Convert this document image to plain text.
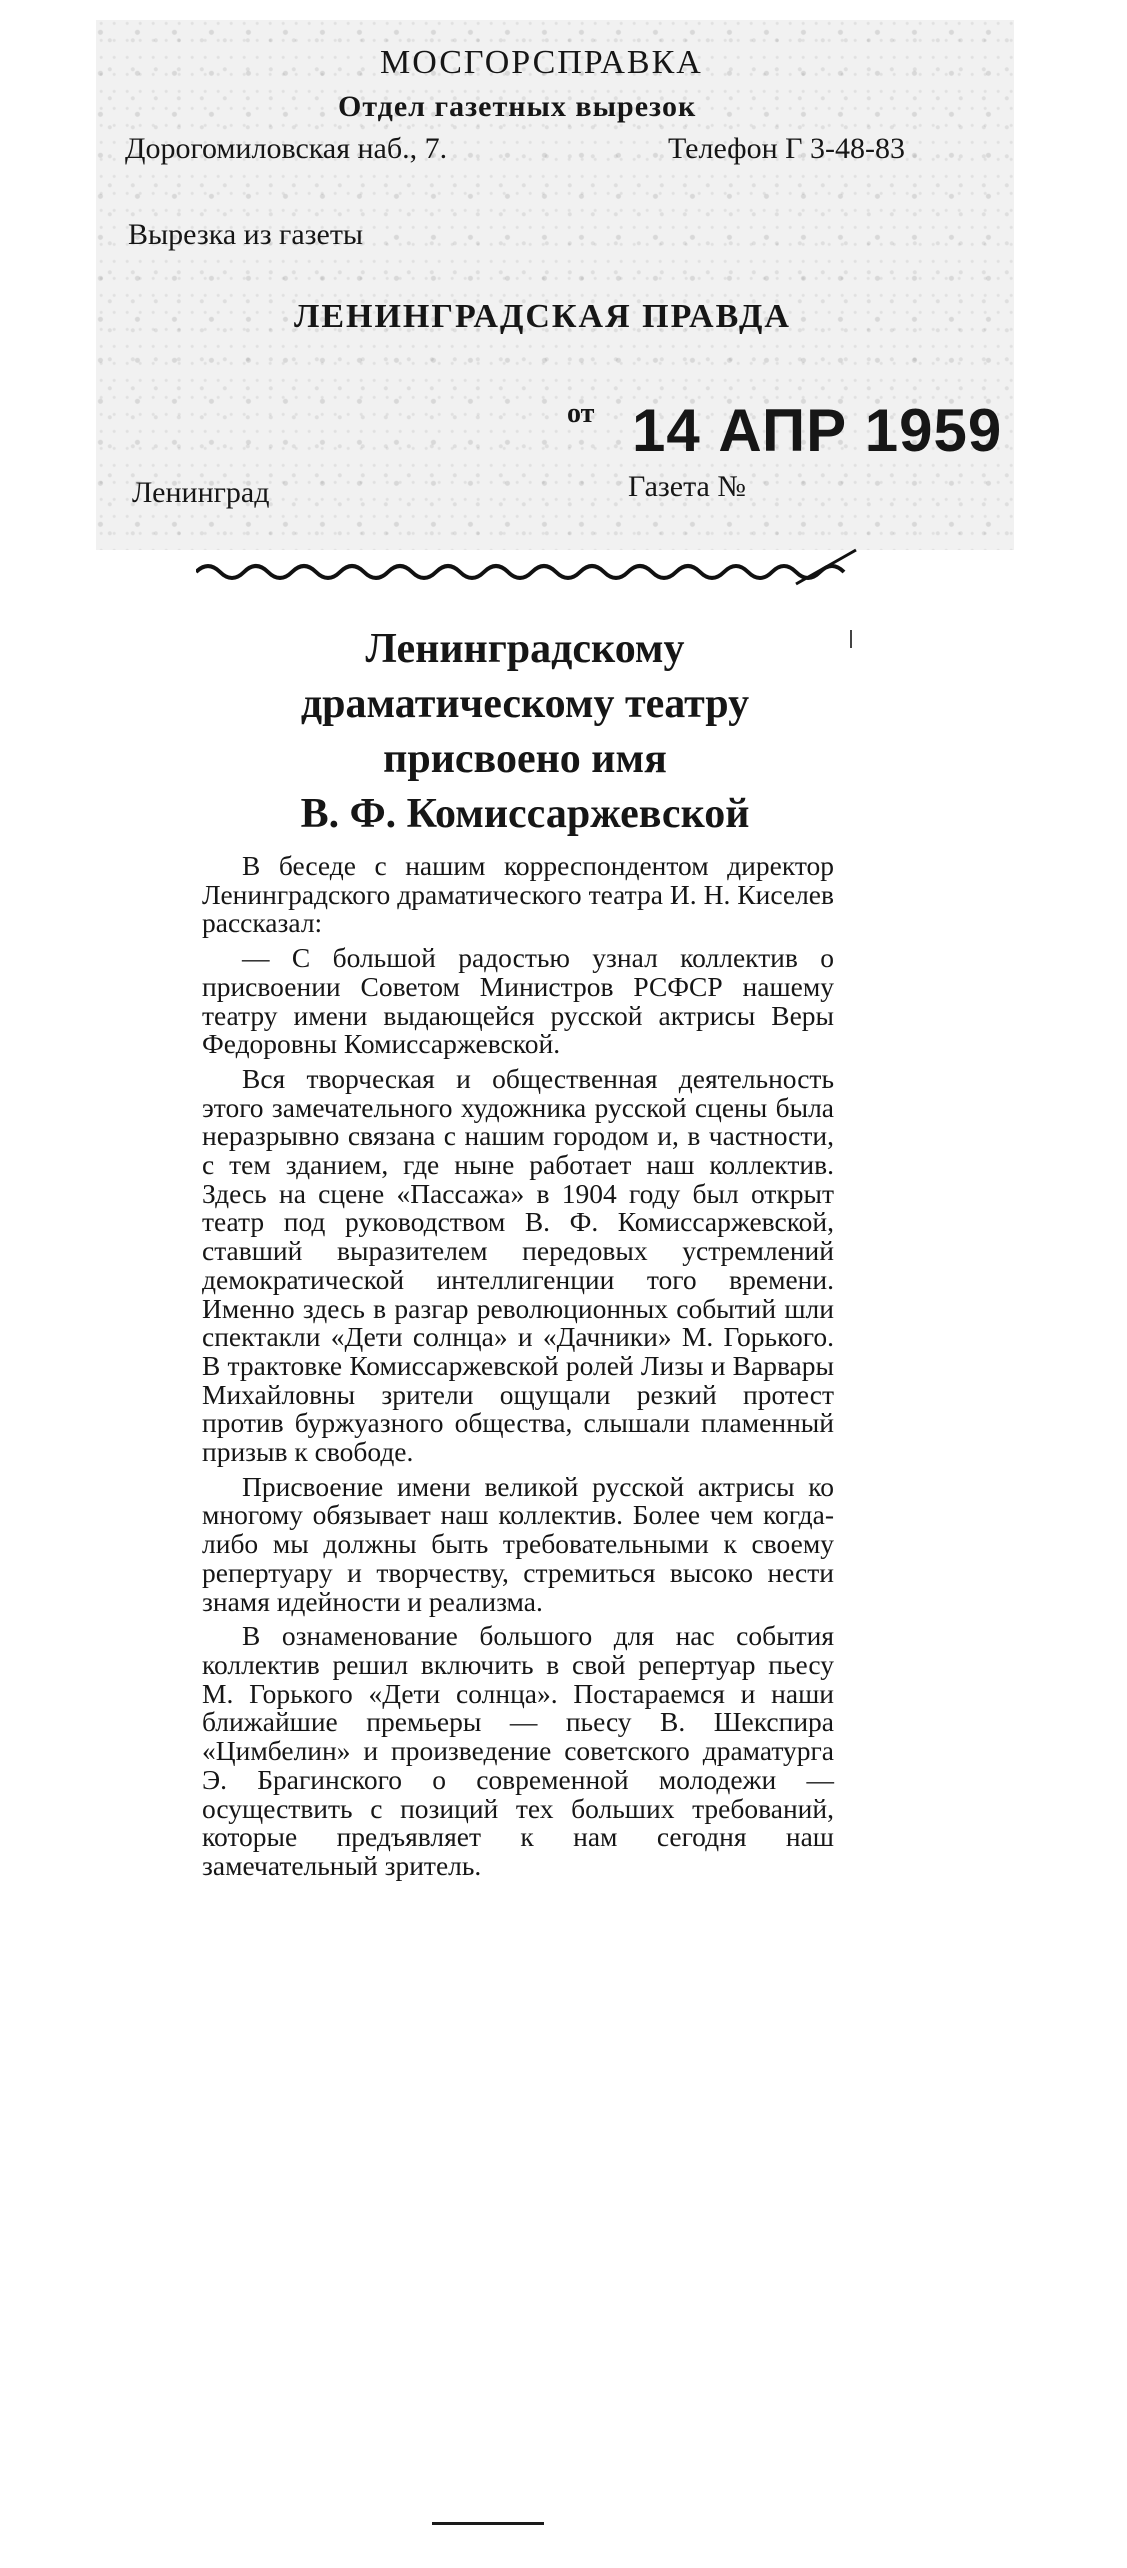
МОСГОРСПРАВКА
Отдел газетных вырезок
Дорогомиловская наб., 7.	Телефон Г 3-48-83
Вырезка из газеты
ЛЕНИНГРАДСКАЯ ПРАВДА
от 14 АПР 1959
Ленинград	Газета №
Ленинградскому
драматическому театру
присвоено имя
В. Ф. Комиссаржевской

В беседе с нашим корреспондентом директор Ленинградского драматического театра И. Н. Киселев рассказал:

— С большой радостью узнал коллектив о присвоении Советом Министров РСФСР нашему театру имени выдающейся русской актрисы Веры Федоровны Комиссаржевской.

Вся творческая и общественная деятельность этого замечательного художника русской сцены была неразрывно связана с нашим городом и, в частности, с тем зданием, где ныне работает наш коллектив. Здесь на сцене «Пассажа» в 1904 году был открыт театр под руководством В. Ф. Комиссаржевской, ставший выразителем передовых устремлений демократической интеллигенции того времени. Именно здесь в разгар революционных событий шли спектакли «Дети солнца» и «Дачники» М. Горького. В трактовке Комиссаржевской ролей Лизы и Варвары Михайловны зрители ощущали резкий протест против буржуазного общества, слышали пламенный призыв к свободе.

Присвоение имени великой русской актрисы ко многому обязывает наш коллектив. Более чем когда-либо мы должны быть требовательными к своему репертуару и творчеству, стремиться высоко нести знамя идейности и реализма.

В ознаменование большого для нас события коллектив решил включить в свой репертуар пьесу М. Горького «Дети солнца». Постараемся и наши ближайшие премьеры — пьесу В. Шекспира «Цимбелин» и произведение советского драматурга Э. Брагинского о современной молодежи — осуществить с позиций тех больших требований, которые предъявляет к нам сегодня наш замечательный зритель.
